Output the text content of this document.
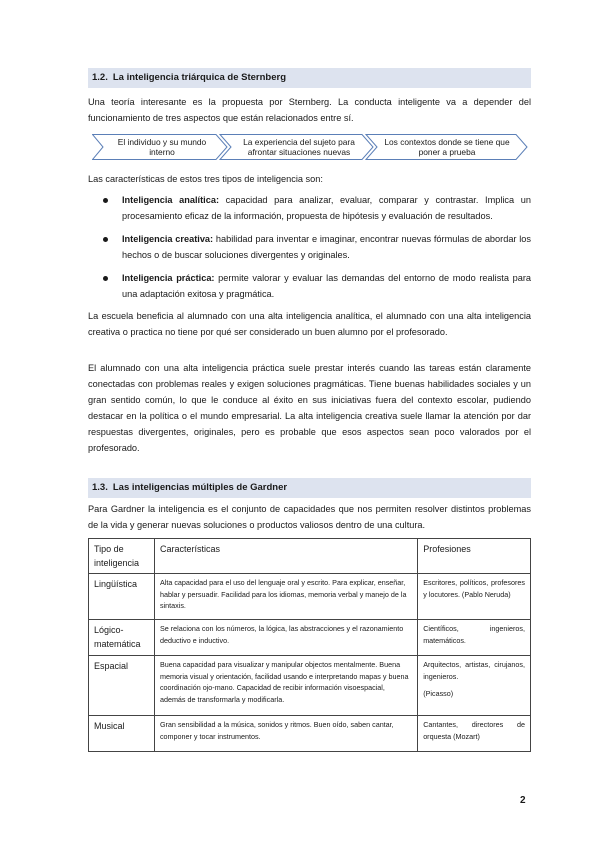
1.2. La inteligencia triárquica de Sternberg

Una teoría interesante es la propuesta por Sternberg. La conducta inteligente va a depender del funcionamiento de tres aspectos que están relacionados entre sí.

El individuo y su mundo interno
La experiencia del sujeto para afrontar situaciones nuevas
Los contextos donde se tiene que poner a prueba

Las características de estos tres tipos de inteligencia son:

Inteligencia analítica: capacidad para analizar, evaluar, comparar y contrastar. Implica un procesamiento eficaz de la información, propuesta de hipótesis y evaluación de resultados.
Inteligencia creativa: habilidad para inventar e imaginar, encontrar nuevas fórmulas de abordar los hechos o de buscar soluciones divergentes y originales.
Inteligencia práctica: permite valorar y evaluar las demandas del entorno de modo realista para una adaptación exitosa y pragmática.

La escuela beneficia al alumnado con una alta inteligencia analítica, el alumnado con una alta inteligencia creativa o practica no tiene por qué ser considerado un buen alumno por el profesorado.

El alumnado con una alta inteligencia práctica suele prestar interés cuando las tareas están claramente conectadas con problemas reales y exigen soluciones pragmáticas. Tiene buenas habilidades sociales y un gran sentido común, lo que le conduce al éxito en sus iniciativas fuera del contexto escolar, pudiendo destacar en la política o el mundo empresarial. La alta inteligencia creativa suele llamar la atención por dar respuestas divergentes, originales, pero es probable que esos aspectos sean poco valorados por el profesorado.

1.3. Las inteligencias múltiples de Gardner

Para Gardner la inteligencia es el conjunto de capacidades que nos permiten resolver distintos problemas de la vida y generar nuevas soluciones o productos valiosos dentro de una cultura.

Tipo de inteligencia	Características	Profesiones
Lingüística	Alta capacidad para el uso del lenguaje oral y escrito. Para explicar, enseñar, hablar y persuadir. Facilidad para los idiomas, memoria verbal y manejo de la sintaxis.	Escritores, políticos, profesores y locutores. (Pablo Neruda)
Lógico-matemática	Se relaciona con los números, la lógica, las abstracciones y el razonamiento deductivo e inductivo.	Científicos, ingenieros, matemáticos.
Espacial	Buena capacidad para visualizar y manipular objectos mentalmente. Buena memoria visual y orientación, facilidad usando e interpretando mapas y buena coordinación ojo-mano. Capacidad de recibir información visoespacial, además de transformarla y modificarla.	Arquitectos, artistas, cirujanos, ingenieros.
(Picasso)

Musical	Gran sensibilidad a la música, sonidos y ritmos. Buen oído, saben cantar, componer y tocar instrumentos.	Cantantes, directores de orquesta (Mozart)
2
